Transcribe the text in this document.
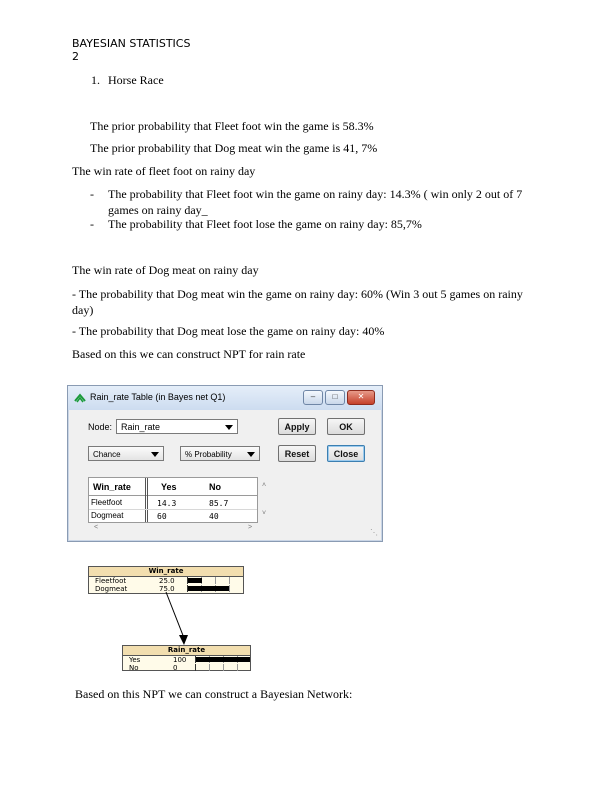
BAYESIAN STATISTICS
2
1. Horse Race
The prior probability that Fleet foot win the game is 58.3%
The prior probability that Dog meat win the game is 41, 7%
The win rate of fleet foot on rainy day
- The probability that Fleet foot win the game on rainy day: 14.3% ( win only 2 out of 7 games on rainy day_
- The probability that Fleet foot lose the game on rainy day: 85,7%
The win rate of Dog meat on rainy day
- The probability that Dog meat win the game on rainy day: 60% (Win 3 out 5 games on rainy day)
- The probability that Dog meat lose the game on rainy day: 40%
Based on this we can construct NPT for rain rate
Rain_rate Table (in Bayes net Q1)	–	□	✕
Node: Rain_rate
Chance	% Probability
Apply	OK
Reset	Close
Win_rate	Yes	No
Fleetfoot	14.3	85.7
Dogmeat	60	40
˄
˅
<	>
⋱
Win_rate
Fleetfoot	25.0
Dogmeat	75.0
Rain_rate
Yes	100
No	0
Based on this NPT we can construct a Bayesian Network:
